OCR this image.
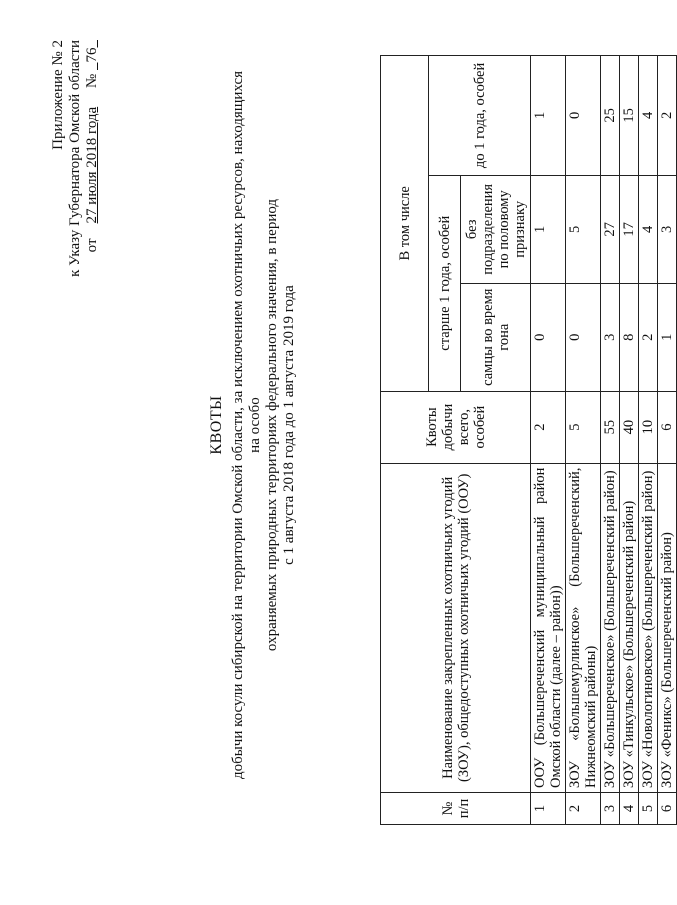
Приложение № 2 к Указу Губернатора Омской области от    27 июля 2018 года     №   76
КВОТЫ добычи косули сибирской на территории Омской области, за исключением охотничьих ресурсов, находящихся на особо охраняемых природных территориях федерального значения, в период с 1 августа 2018 года до 1 августа 2019 года
№ п/п	Наименование закрепленных охотничьих угодий (ЗОУ), общедоступных охотничьих угодий (ООУ)	Квоты добычи всего, особей	В том числе		
			старше 1 года, особей		до 1 года, особей
			самцы во время гона	без подразделения по половому признаку	
1	ООУ (Большереченский муниципальный район Омской области (далее – район))	2	0	1	1
2	ЗОУ «Большемурлинское» (Большереченский, Нижнеомский районы)	5	0	5	0
3	ЗОУ «Большереченское» (Большереченский район)	55	3	27	25
4	ЗОУ «Тинкульское» (Большереченский район)	40	8	17	15
5	ЗОУ «Новологиновское» (Большереченский район)	10	2	4	4
6	ЗОУ «Феникс» (Большереченский район)	6	1	3	2
